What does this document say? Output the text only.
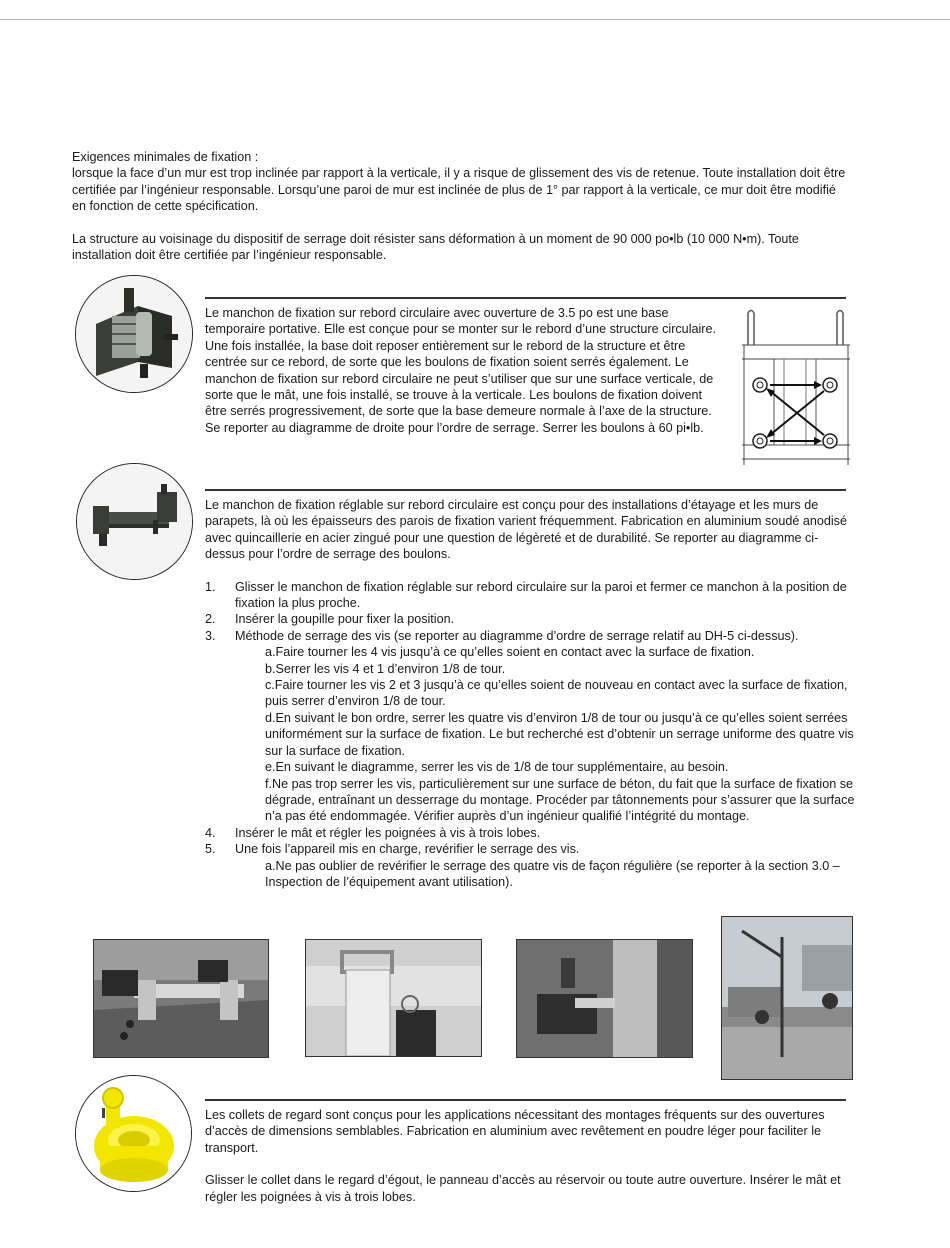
Exigences minimales de fixation :

lorsque la face d’un mur est trop inclinée par rapport à la verticale, il y a risque de glissement des vis de retenue. Toute installation doit être certifiée par l’ingénieur responsable. Lorsqu’une paroi de mur est inclinée de plus de 1° par rapport à la verticale, ce mur doit être modifié en fonction de cette spécification.

La structure au voisinage du dispositif de serrage doit résister sans déformation à un moment de 90 000 po•lb (10 000 N•m). Toute installation doit être certifiée par l’ingénieur responsable.

Le manchon de fixation sur rebord circulaire avec ouverture de 3.5 po est une base temporaire portative. Elle est conçue pour se monter sur le rebord d’une structure circulaire. Une fois installée, la base doit reposer entièrement sur le rebord de la structure et être centrée sur ce rebord, de sorte que les boulons de fixation soient serrés également. Le manchon de fixation sur rebord circulaire ne peut s’utiliser que sur une surface verticale, de sorte que le mât, une fois installé, se trouve à la verticale. Les boulons de fixation doivent être serrés progressivement, de sorte que la base demeure normale à l’axe de la structure. Se reporter au diagramme de droite pour l’ordre de serrage. Serrer les boulons à 60 pi•lb.

Le manchon de fixation réglable sur rebord circulaire est conçu pour des installations d’étayage et les murs de parapets, là où les épaisseurs des parois de fixation varient fréquemment. Fabrication en aluminium soudé anodisé avec quincaillerie en acier zingué pour une question de légèreté et de durabilité. Se reporter au diagramme ci-dessus pour l’ordre de serrage des boulons.

1. Glisser le manchon de fixation réglable sur rebord circulaire sur la paroi et fermer ce manchon à la position de fixation la plus proche.
2. Insérer la goupille pour fixer la position.
3. Méthode de serrage des vis (se reporter au diagramme d’ordre de serrage relatif au DH-5 ci-dessus).
a.Faire tourner les 4 vis jusqu’à ce qu’elles soient en contact avec la surface de fixation.
b.Serrer les vis 4 et 1 d’environ 1/8 de tour.
c.Faire tourner les vis 2 et 3 jusqu’à ce qu’elles soient de nouveau en contact avec la surface de fixation, puis serrer d’environ 1/8 de tour.
d.En suivant le bon ordre, serrer les quatre vis d’environ 1/8 de tour ou jusqu’à ce qu’elles soient serrées uniformément sur la surface de fixation. Le but recherché est d’obtenir un serrage uniforme des quatre vis sur la surface de fixation.
e.En suivant le diagramme, serrer les vis de 1/8 de tour supplémentaire, au besoin.
f.Ne pas trop serrer les vis, particulièrement sur une surface de béton, du fait que la surface de fixation se dégrade, entraînant un desserrage du montage. Procéder par tâtonnements pour s’assurer que la surface n’a pas été endommagée. Vérifier auprès d’un ingénieur qualifié l’intégrité du montage.
4. Insérer le mât et régler les poignées à vis à trois lobes.
5. Une fois l’appareil mis en charge, revérifier le serrage des vis.
a.Ne pas oublier de revérifier le serrage des quatre vis de façon régulière (se reporter à la section 3.0 – Inspection de l’équipement avant utilisation).

Les collets de regard sont conçus pour les applications nécessitant des montages fréquents sur des ouvertures d’accès de dimensions semblables. Fabrication en aluminium avec revêtement en poudre léger pour faciliter le transport.

Glisser le collet dans le regard d’égout, le panneau d’accès au réservoir ou toute autre ouverture. Insérer le mât et régler les poignées à vis à trois lobes.
